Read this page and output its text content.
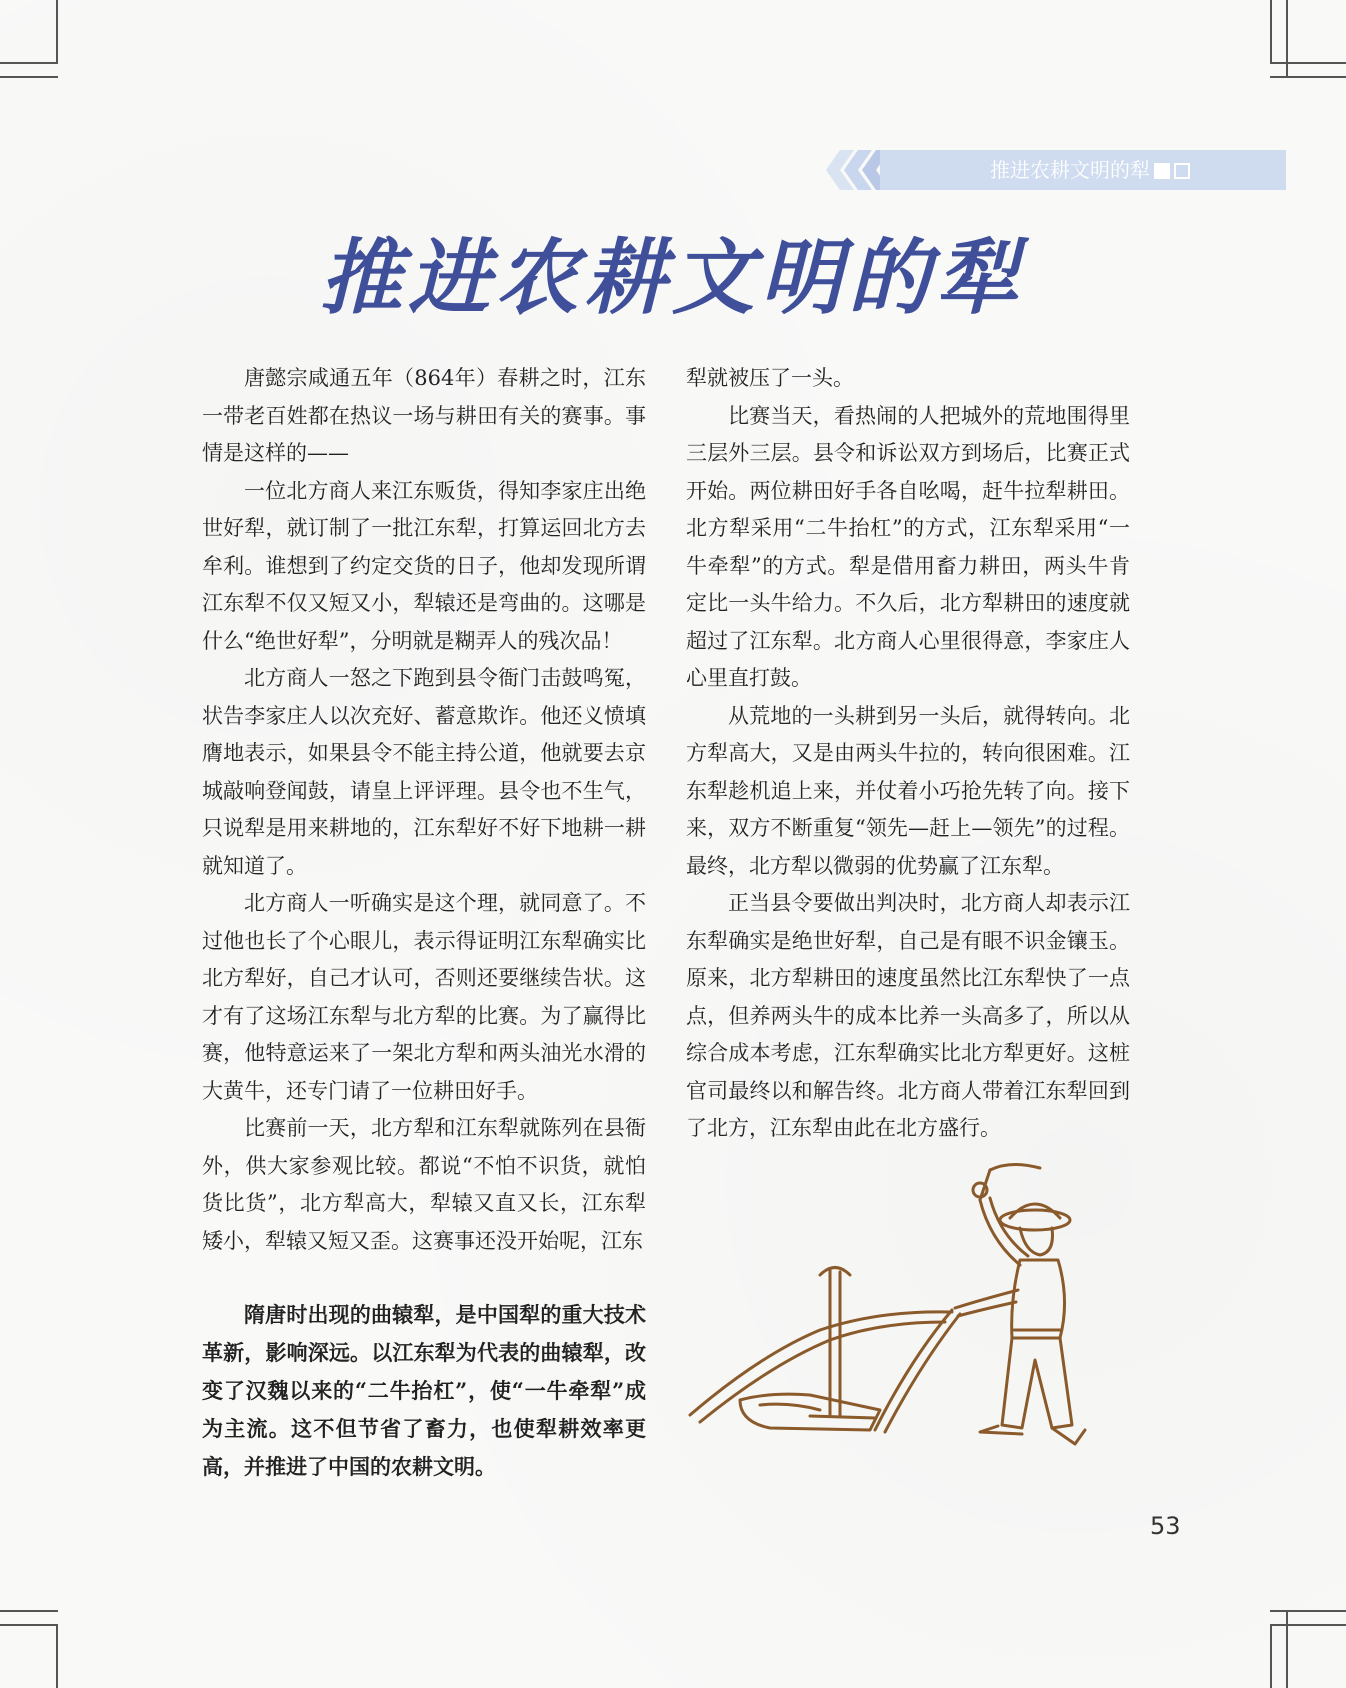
推进农耕文明的犁
推进农耕文明的犁

唐懿宗咸通五年（864年）春耕之时，江东一带老百姓都在热议一场与耕田有关的赛事。事情是这样的——

一位北方商人来江东贩货，得知李家庄出绝世好犁，就订制了一批江东犁，打算运回北方去牟利。谁想到了约定交货的日子，他却发现所谓江东犁不仅又短又小，犁辕还是弯曲的。这哪是什么“绝世好犁”，分明就是糊弄人的残次品！

北方商人一怒之下跑到县令衙门击鼓鸣冤，状告李家庄人以次充好、蓄意欺诈。他还义愤填膺地表示，如果县令不能主持公道，他就要去京城敲响登闻鼓，请皇上评评理。县令也不生气，只说犁是用来耕地的，江东犁好不好下地耕一耕就知道了。

北方商人一听确实是这个理，就同意了。不过他也长了个心眼儿，表示得证明江东犁确实比北方犁好，自己才认可，否则还要继续告状。这才有了这场江东犁与北方犁的比赛。为了赢得比赛，他特意运来了一架北方犁和两头油光水滑的大黄牛，还专门请了一位耕田好手。

比赛前一天，北方犁和江东犁就陈列在县衙外，供大家参观比较。都说“不怕不识货，就怕货比货”，北方犁高大，犁辕又直又长，江东犁矮小，犁辕又短又歪。这赛事还没开始呢，江东

犁就被压了一头。

比赛当天，看热闹的人把城外的荒地围得里三层外三层。县令和诉讼双方到场后，比赛正式开始。两位耕田好手各自吆喝，赶牛拉犁耕田。北方犁采用“二牛抬杠”的方式，江东犁采用“一牛牵犁”的方式。犁是借用畜力耕田，两头牛肯定比一头牛给力。不久后，北方犁耕田的速度就超过了江东犁。北方商人心里很得意，李家庄人心里直打鼓。

从荒地的一头耕到另一头后，就得转向。北方犁高大，又是由两头牛拉的，转向很困难。江东犁趁机追上来，并仗着小巧抢先转了向。接下来，双方不断重复“领先—赶上—领先”的过程。最终，北方犁以微弱的优势赢了江东犁。

正当县令要做出判决时，北方商人却表示江东犁确实是绝世好犁，自己是有眼不识金镶玉。原来，北方犁耕田的速度虽然比江东犁快了一点点，但养两头牛的成本比养一头高多了，所以从综合成本考虑，江东犁确实比北方犁更好。这桩官司最终以和解告终。北方商人带着江东犁回到了北方，江东犁由此在北方盛行。

隋唐时出现的曲辕犁，是中国犁的重大技术革新，影响深远。以江东犁为代表的曲辕犁，改变了汉魏以来的“二牛抬杠”，使“一牛牵犁”成为主流。这不但节省了畜力，也使犁耕效率更高，并推进了中国的农耕文明。

53
